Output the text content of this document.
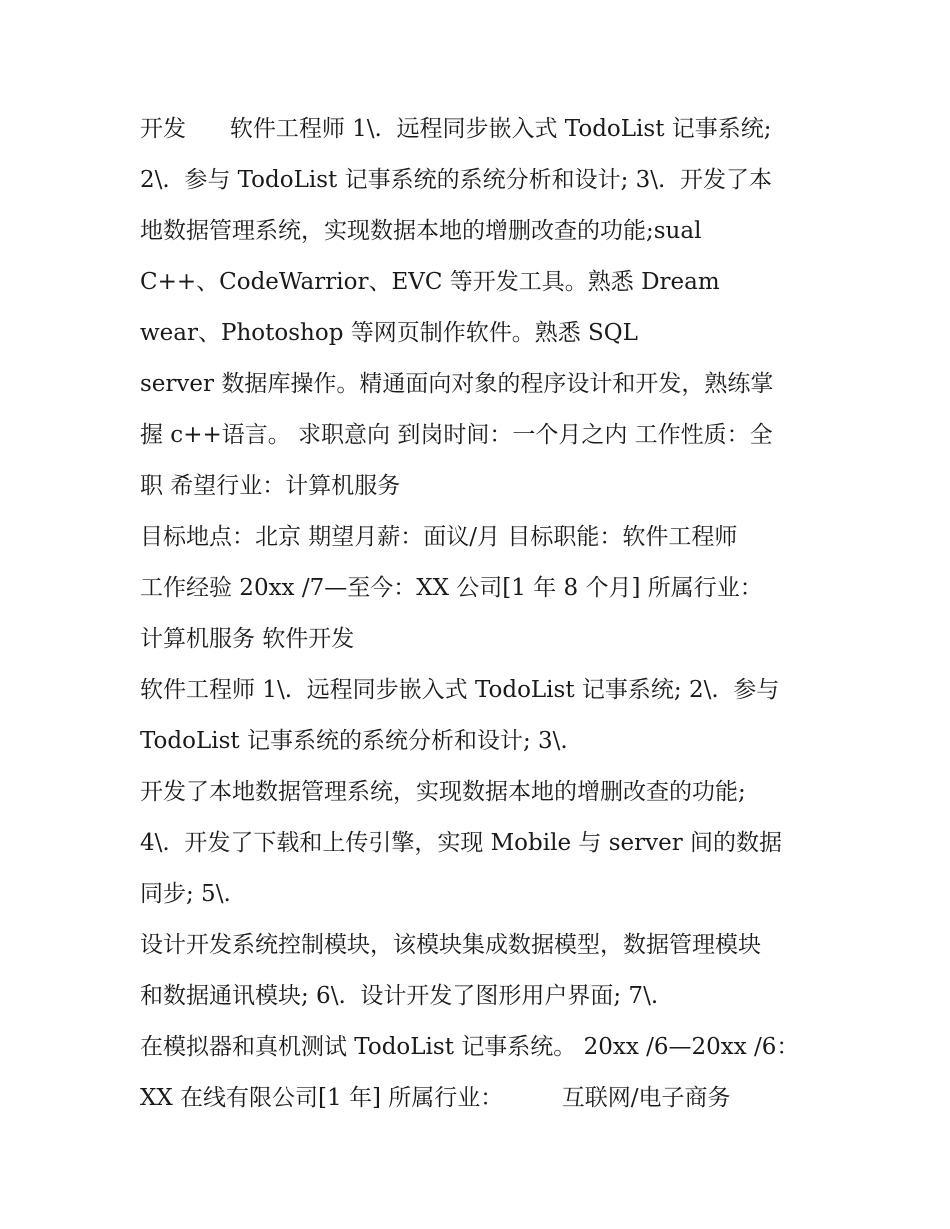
开发      软件工程师 1\.  远程同步嵌入式 TodoList 记事系统;
2\.  参与 TodoList 记事系统的系统分析和设计; 3\.  开发了本
地数据管理系统，实现数据本地的增删改查的功能;sual
C++、CodeWarrior、EVC 等开发工具。熟悉 Dream
wear、Photoshop 等网页制作软件。熟悉 SQL
server 数据库操作。精通面向对象的程序设计和开发，熟练掌
握 c++语言。 求职意向 到岗时间：一个月之内 工作性质：全
职 希望行业：计算机服务
目标地点：北京 期望月薪：面议/月 目标职能：软件工程师
工作经验 20xx /7—至今：XX 公司[1 年 8 个月] 所属行业：
计算机服务 软件开发
软件工程师 1\.  远程同步嵌入式 TodoList 记事系统; 2\.  参与
TodoList 记事系统的系统分析和设计; 3\.
开发了本地数据管理系统，实现数据本地的增删改查的功能;
4\.  开发了下载和上传引擎，实现 Mobile 与 server 间的数据
同步; 5\.
设计开发系统控制模块，该模块集成数据模型，数据管理模块
和数据通讯模块; 6\.  设计开发了图形用户界面; 7\.
在模拟器和真机测试 TodoList 记事系统。 20xx /6—20xx /6：
XX 在线有限公司[1 年] 所属行业：        互联网/电子商务
